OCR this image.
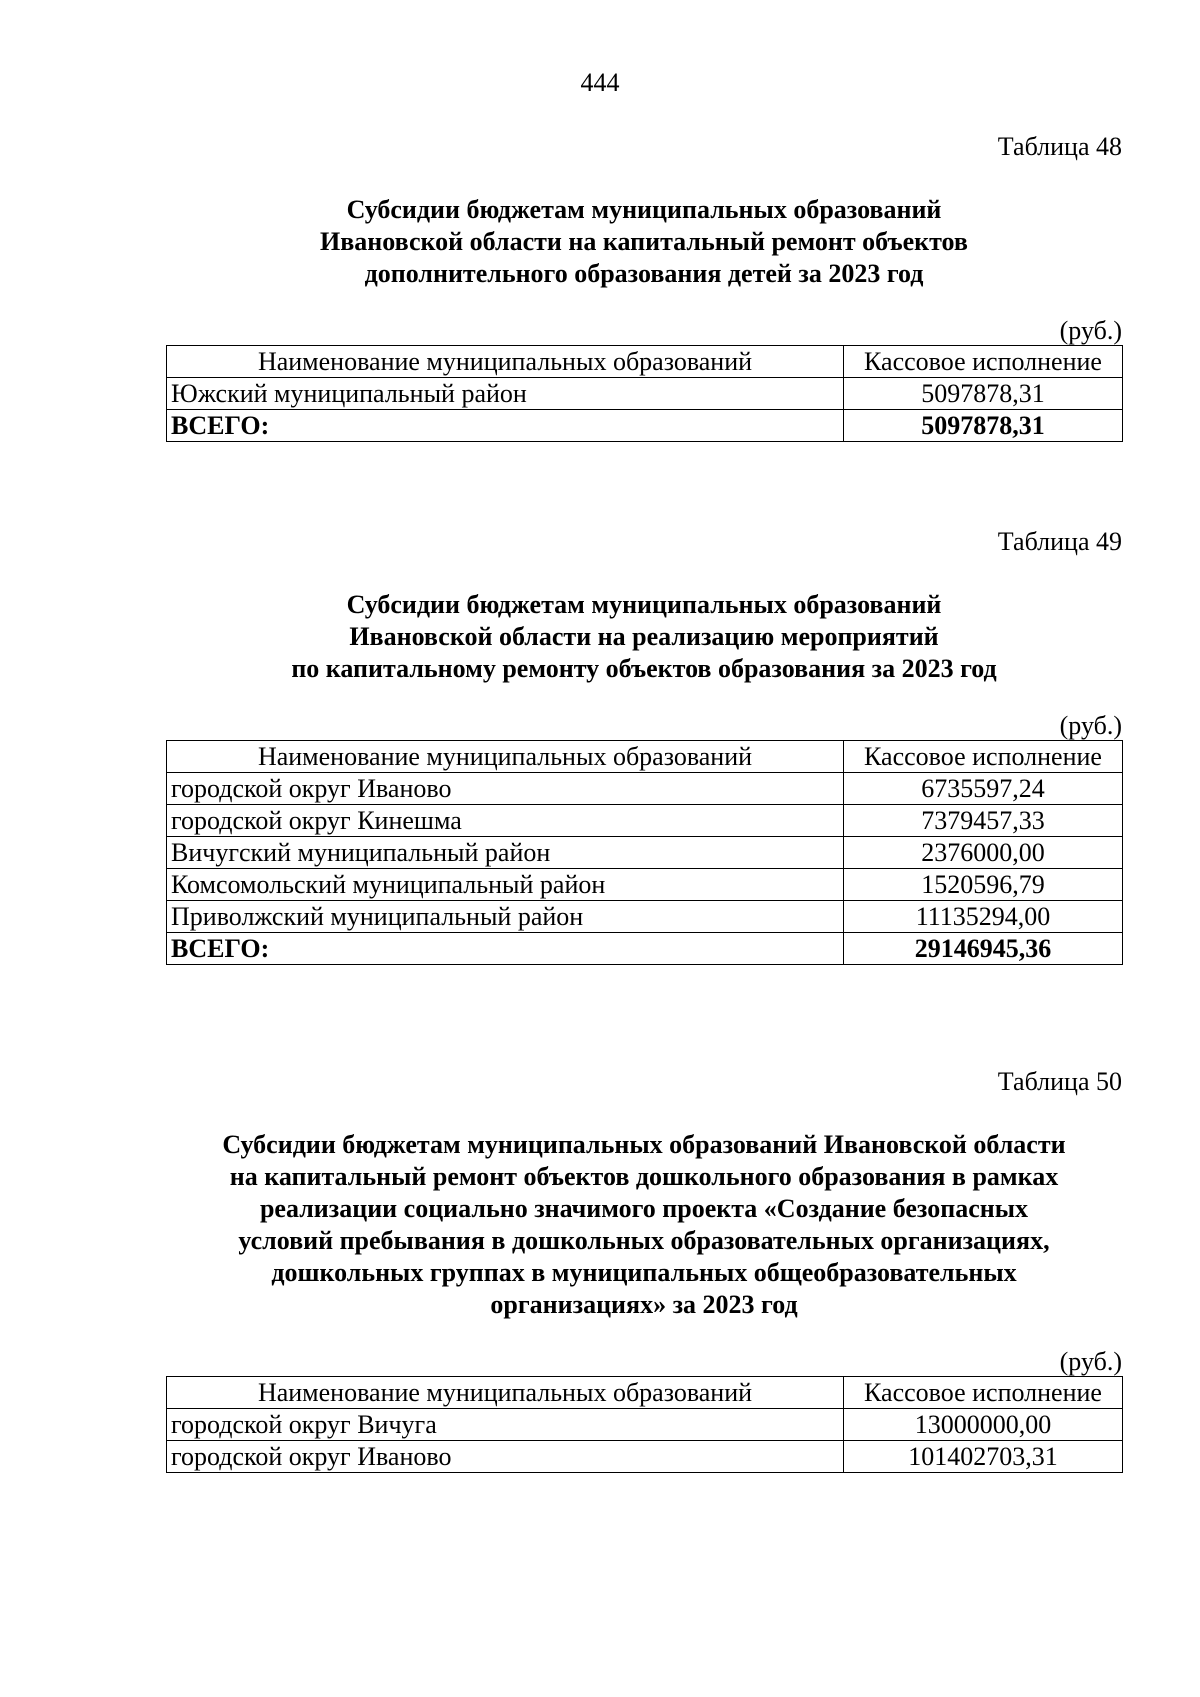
444
Таблица 48
Субсидии бюджетам муниципальных образований
Ивановской области на капитальный ремонт объектов
дополнительного образования детей за 2023 год
(руб.)
Наименование муниципальных образований	Кассовое исполнение
Южский муниципальный район	5097878,31
ВСЕГО:	5097878,31
Таблица 49
Субсидии бюджетам муниципальных образований
Ивановской области на реализацию мероприятий
по капитальному ремонту объектов образования за 2023 год
(руб.)
Наименование муниципальных образований	Кассовое исполнение
городской округ Иваново	6735597,24
городской округ Кинешма	7379457,33
Вичугский муниципальный район	2376000,00
Комсомольский муниципальный район	1520596,79
Приволжский муниципальный район	11135294,00
ВСЕГО:	29146945,36
Таблица 50
Субсидии бюджетам муниципальных образований Ивановской области
на капитальный ремонт объектов дошкольного образования в рамках
реализации социально значимого проекта «Создание безопасных
условий пребывания в дошкольных образовательных организациях,
дошкольных группах в муниципальных общеобразовательных
организациях» за 2023 год
(руб.)
Наименование муниципальных образований	Кассовое исполнение
городской округ Вичуга	13000000,00
городской округ Иваново	101402703,31
